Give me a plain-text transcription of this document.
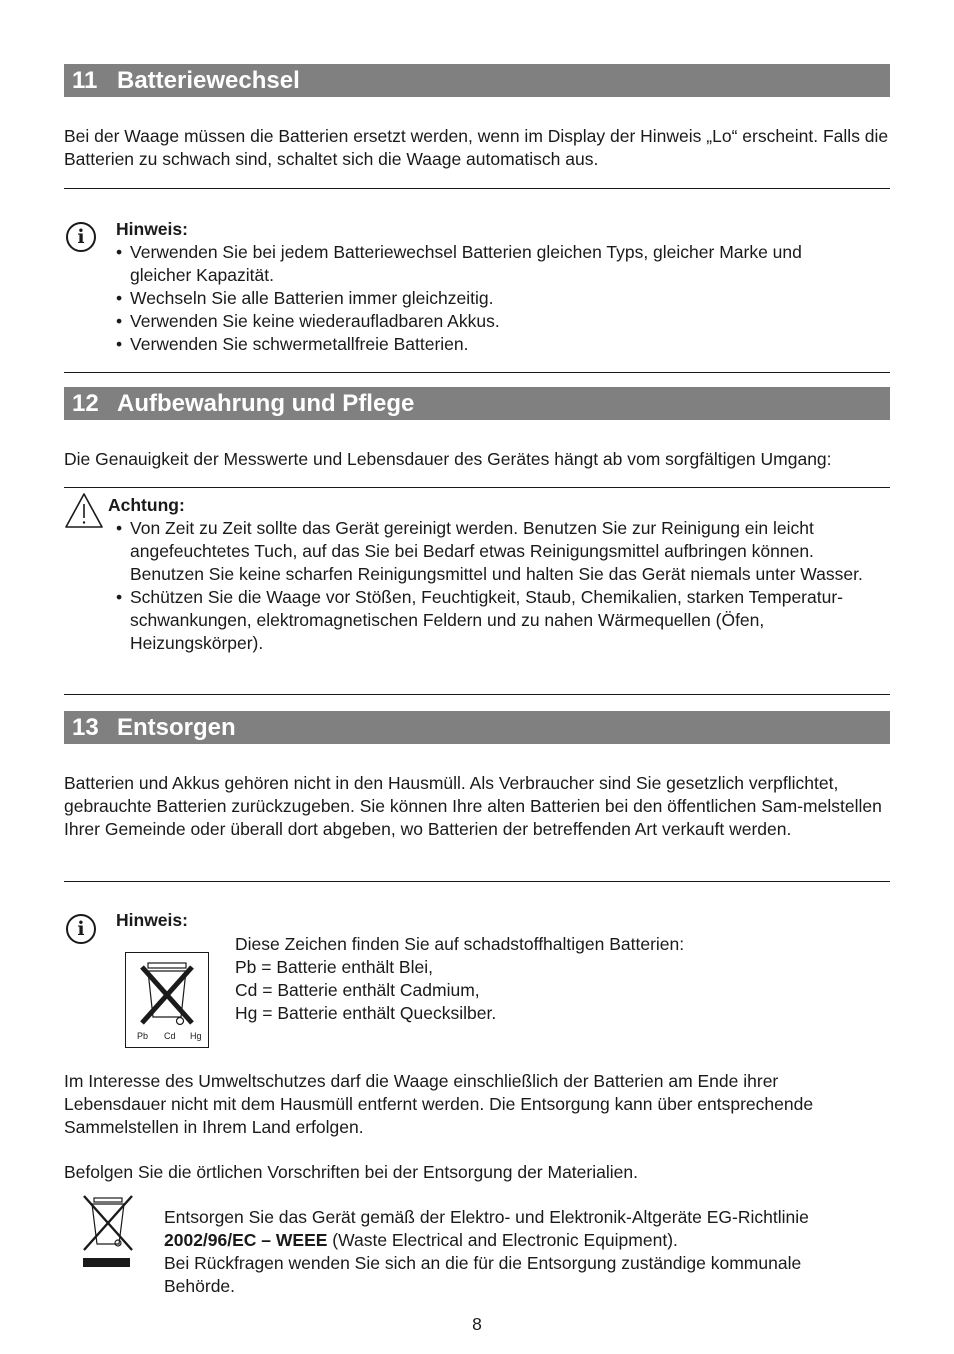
11 Batteriewechsel

Bei der Waage müssen die Batterien ersetzt werden, wenn im Display der Hinweis „Lo“ erscheint. Falls die Batterien zu schwach sind, schaltet sich die Waage automatisch aus.

i	Hinweis:
• Verwenden Sie bei jedem Batteriewechsel Batterien gleichen Typs, gleicher Marke und gleicher Kapazität.
• Wechseln Sie alle Batterien immer gleichzeitig.
• Verwenden Sie keine wiederaufladbaren Akkus.
• Verwenden Sie schwermetallfreie Batterien.
12 Aufbewahrung und Pflege

Die Genauigkeit der Messwerte und Lebensdauer des Gerätes hängt ab vom sorgfältigen Umgang:

Achtung:
• Von Zeit zu Zeit sollte das Gerät gereinigt werden. Benutzen Sie zur Reinigung ein leicht angefeuchtetes Tuch, auf das Sie bei Bedarf etwas Reinigungsmittel aufbringen können. Benutzen Sie keine scharfen Reinigungsmittel und halten Sie das Gerät niemals unter Wasser.
• Schützen Sie die Waage vor Stößen, Feuchtigkeit, Staub, Chemikalien, starken Temperatur-schwankungen, elektromagnetischen Feldern und zu nahen Wärmequellen (Öfen, Heizungskörper).
13 Entsorgen

Batterien und Akkus gehören nicht in den Hausmüll. Als Verbraucher sind Sie gesetzlich verpflichtet, gebrauchte Batterien zurückzugeben. Sie können Ihre alten Batterien bei den öffentlichen Sam-melstellen Ihrer Gemeinde oder überall dort abgeben, wo Batterien der betreffenden Art verkauft werden.

i	Hinweis:
Pb Cd Hg
Diese Zeichen finden Sie auf schadstoffhaltigen Batterien:
Pb = Batterie enthält Blei,
Cd = Batterie enthält Cadmium,
Hg = Batterie enthält Quecksilber.

Im Interesse des Umweltschutzes darf die Waage einschließlich der Batterien am Ende ihrer Lebensdauer nicht mit dem Hausmüll entfernt werden. Die Entsorgung kann über entsprechende Sammelstellen in Ihrem Land erfolgen.

Befolgen Sie die örtlichen Vorschriften bei der Entsorgung der Materialien.

Entsorgen Sie das Gerät gemäß der Elektro- und Elektronik-Altgeräte EG-Richtlinie
2002/96/EC – WEEE (Waste Electrical and Electronic Equipment).
Bei Rückfragen wenden Sie sich an die für die Entsorgung zuständige kommunale
Behörde.
8
